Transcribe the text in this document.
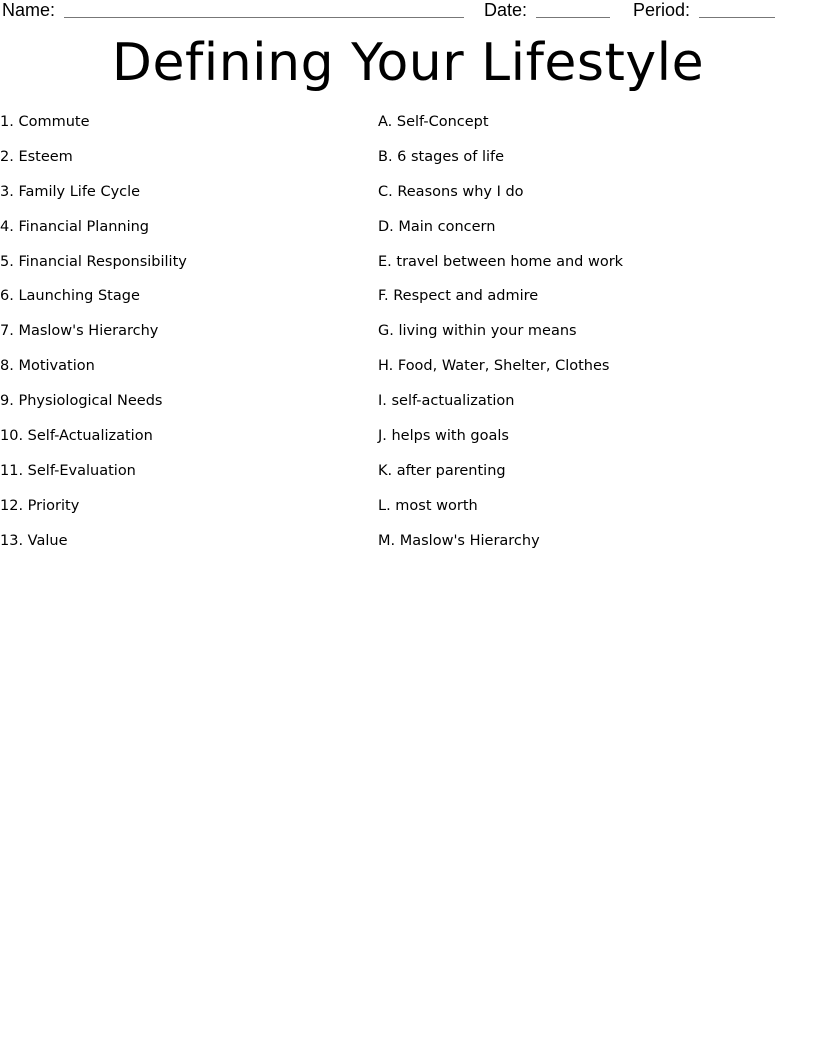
Name:	Date:	Period:
Defining Your Lifestyle
1. Commute
2. Esteem
3. Family Life Cycle
4. Financial Planning
5. Financial Responsibility
6. Launching Stage
7. Maslow's Hierarchy
8. Motivation
9. Physiological Needs
10. Self-Actualization
11. Self-Evaluation
12. Priority
13. Value
A. Self-Concept
B. 6 stages of life
C. Reasons why I do
D. Main concern
E. travel between home and work
F. Respect and admire
G. living within your means
H. Food, Water, Shelter, Clothes
I. self-actualization
J. helps with goals
K. after parenting
L. most worth
M. Maslow's Hierarchy
